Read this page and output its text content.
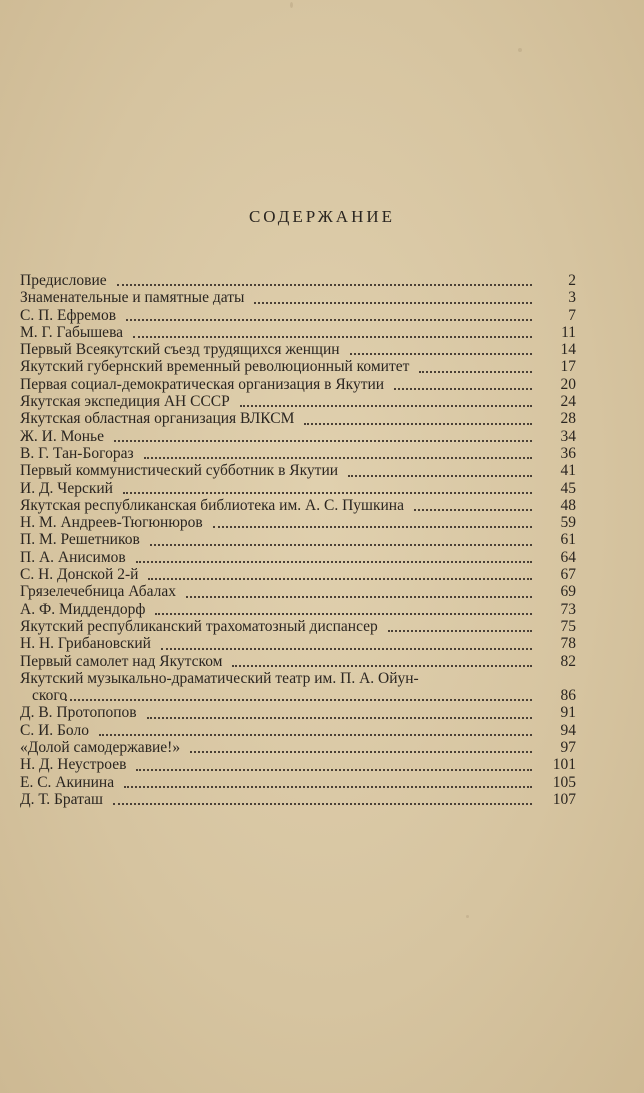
СОДЕРЖАНИЕ
Предисловие	2
Знаменательные и памятные даты	3
С. П. Ефремов	7
М. Г. Габышева	11
Первый Всеякутский съезд трудящихся женщин	14
Якутский губернский временный революционный комитет	17
Первая социал-демократическая организация в Якутии	20
Якутская экспедиция АН СССР	24
Якутская областная организация ВЛКСМ	28
Ж. И. Монье	34
В. Г. Тан-Богораз	36
Первый коммунистический субботник в Якутии	41
И. Д. Черский	45
Якутская республиканская библиотека им. А. С. Пушкина	48
Н. М. Андреев-Тюгюнюров	59
П. М. Решетников	61
П. А. Анисимов	64
С. Н. Донской 2-й	67
Грязелечебница Абалах	69
А. Ф. Миддендорф	73
Якутский республиканский трахоматозный диспансер	75
Н. Н. Грибановский	78
Первый самолет над Якутском	82
Якутский музыкально-драматический театр им. П. А. Ойун-
ского	86
Д. В. Протопопов	91
С. И. Боло	94
«Долой самодержавие!»	97
Н. Д. Неустроев	101
Е. С. Акинина	105
Д. Т. Браташ	107
